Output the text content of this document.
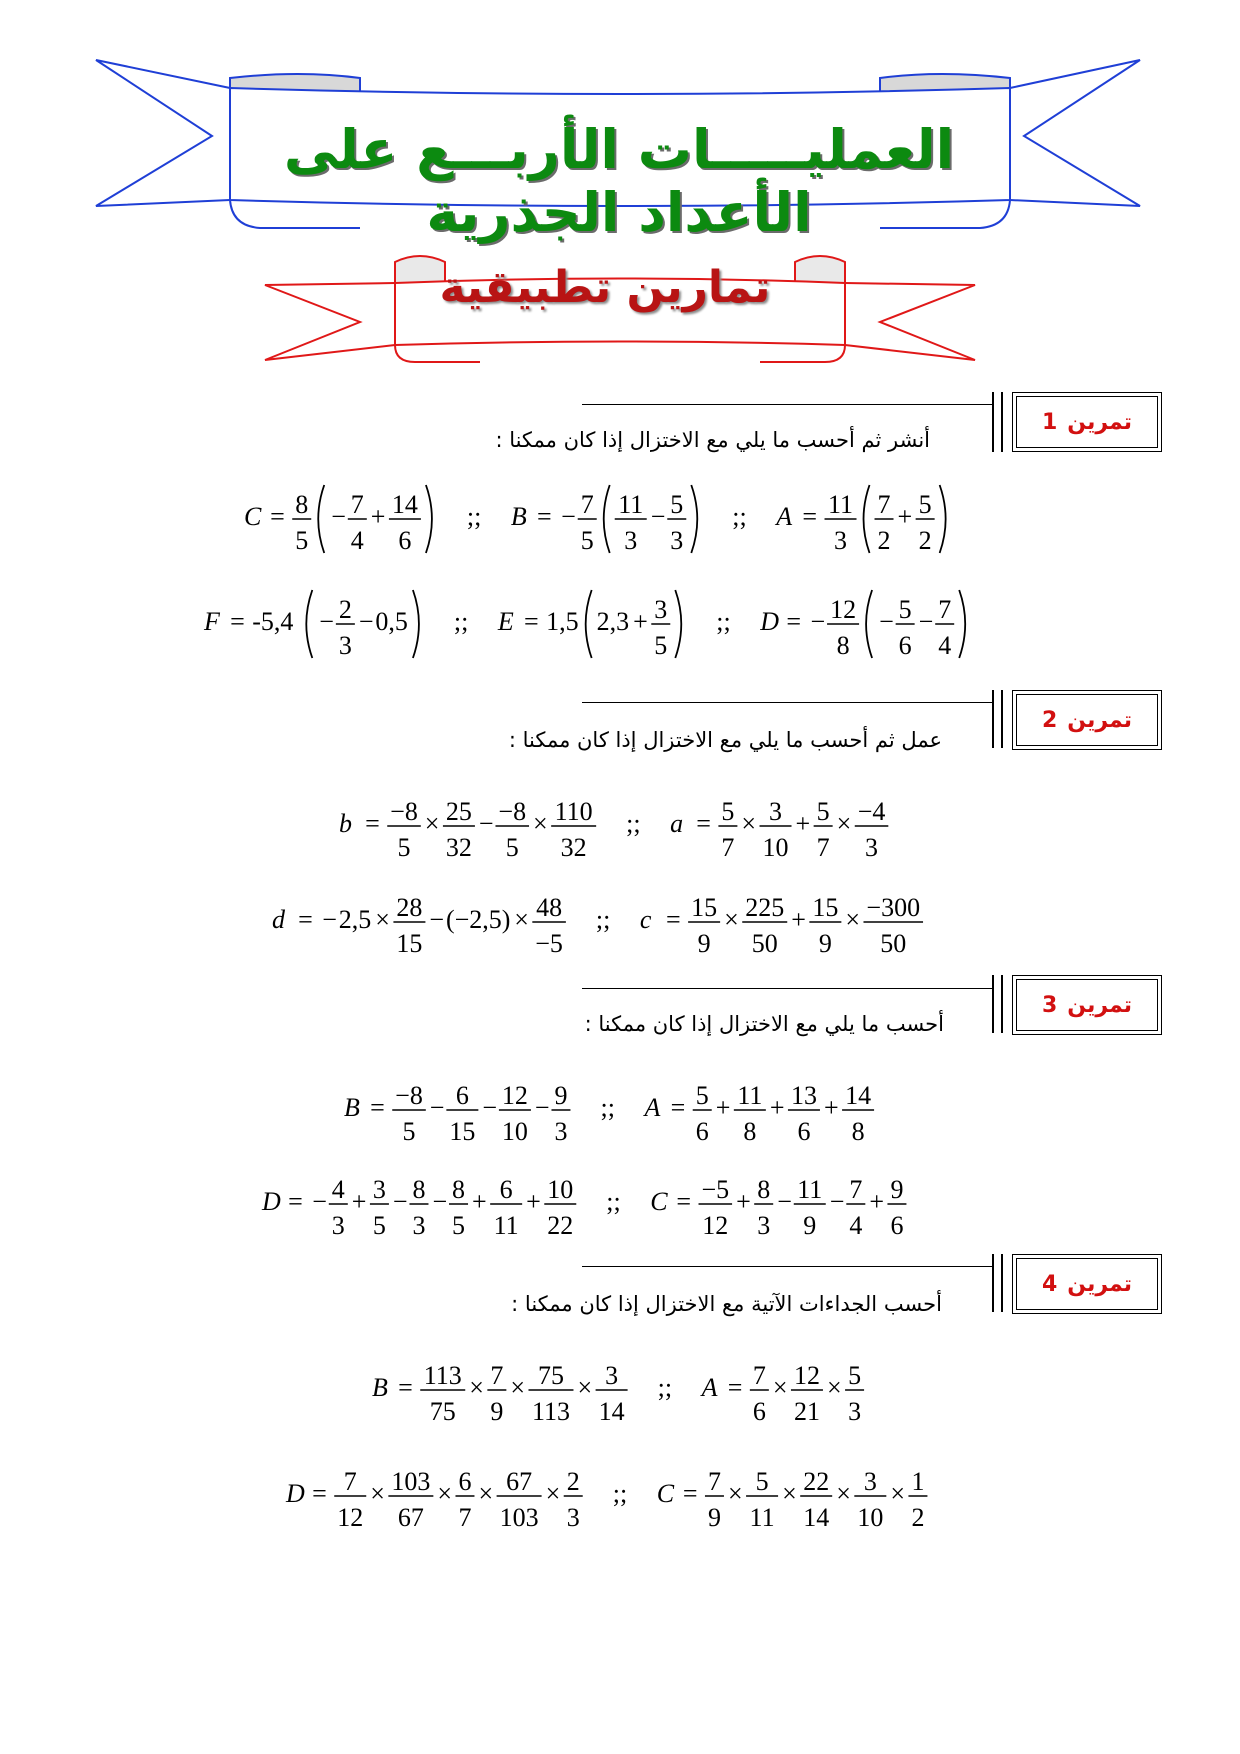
العمليـــــات الأربـــع على الأعداد الجذرية
تمارين تطبيقية
تمرين
1
أنشر ثم أحسب ما يلي مع الاختزال إذا كان ممكنا :
C = 8
5
− 7
4
+ 14
6
;; B = − 7
5
11
3
− 5
3
;; A = 11
3
7
2
+ 5
2
F = -5,4 − 2
3
− 0,5 ;; E = 1,5 2,3 + 3
5
;; D = − 12
8
− 5
6
− 7
4
تمرين
2
عمل ثم أحسب ما يلي مع الاختزال إذا كان ممكنا :
b = −8
5
× 25
32
− −8
5
× 110
32
;; a = 5
7
× 3
10
+ 5
7
× −4
3
d = − 2,5 × 28
15
− (−2,5) × 48
−5
;; c = 15
9
× 225
50
+ 15
9
× −300
50
تمرين
3
أحسب ما يلي مع الاختزال إذا كان ممكنا :
B = −8
5
− 6
15
− 12
10
− 9
3
;; A = 5
6
+ 11
8
+ 13
6
+ 14
8
D = − 4
3
+ 3
5
− 8
3
− 8
5
+ 6
11
+ 10
22
;; C = −5
12
+ 8
3
− 11
9
− 7
4
+ 9
6
تمرين
4
أحسب الجداءات الآتية مع الاختزال إذا كان ممكنا :
B = 113
75
× 7
9
× 75
113
× 3
14
;; A = 7
6
× 12
21
× 5
3
D = 7
12
× 103
67
× 6
7
× 67
103
× 2
3
;; C = 7
9
× 5
11
× 22
14
× 3
10
× 1
2
